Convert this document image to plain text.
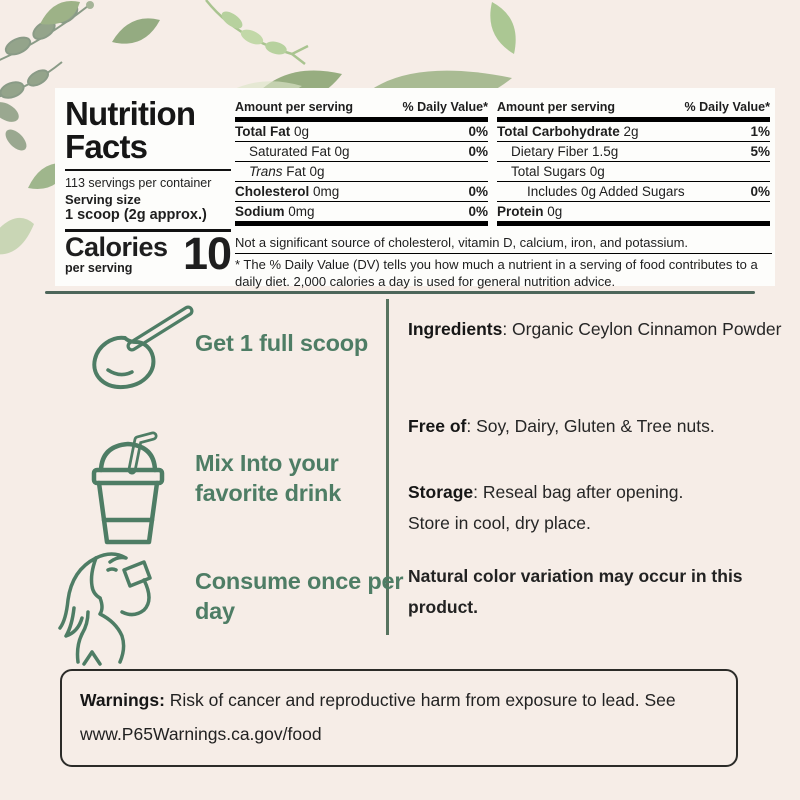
Nutrition
Facts
113 servings per container
Serving size
1 scoop (2g approx.)
Calories
per serving	10
Amount per serving	% Daily Value*
Total Fat 0g	0%
Saturated Fat 0g	0%
Trans Fat 0g
Cholesterol 0mg	0%
Sodium 0mg	0%
Amount per serving	% Daily Value*
Total Carbohydrate 2g	1%
Dietary Fiber 1.5g	5%
Total Sugars 0g
Includes 0g Added Sugars	0%
Protein 0g
Not a significant source of cholesterol, vitamin D, calcium, iron, and potassium.
* The % Daily Value (DV) tells you how much a nutrient in a serving of food contributes to a daily diet. 2,000 calories a day is used for general nutrition advice.
Get 1 full scoop
Mix Into your favorite drink
Consume once per day
Ingredients: Organic Ceylon Cinnamon Powder
Free of: Soy, Dairy, Gluten & Tree nuts.
Storage: Reseal bag after opening.
Store in cool, dry place.
Natural color variation may occur in this product.
Warnings: Risk of cancer and reproductive harm from exposure to lead. See www.P65Warnings.ca.gov/food
